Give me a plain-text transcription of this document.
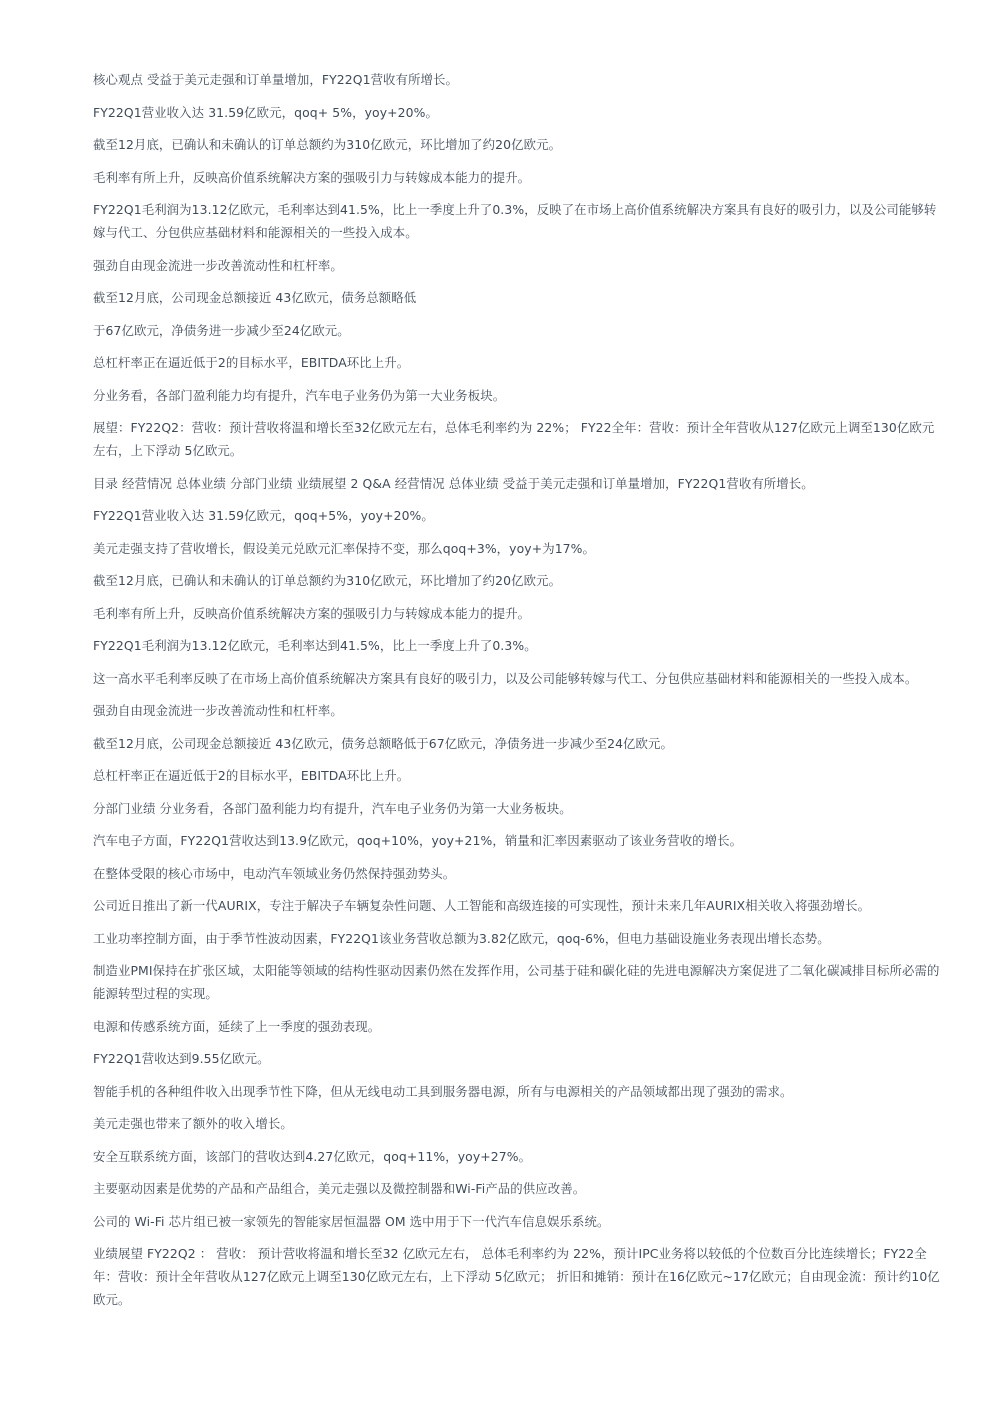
核心观点 受益于美元走强和订单量增加，FY22Q1营收有所增长。

FY22Q1营业收入达 31.59亿欧元，qoq+ 5%，yoy+20%。

截至12月底，已确认和未确认的订单总额约为310亿欧元，环比增加了约20亿欧元。

毛利率有所上升，反映高价值系统解决方案的强吸引力与转嫁成本能力的提升。

FY22Q1毛利润为13.12亿欧元，毛利率达到41.5%，比上一季度上升了0.3%，反映了在市场上高价值系统解决方案具有良好的吸引力，以及公司能够转嫁与代工、分包供应基础材料和能源相关的一些投入成本。

强劲自由现金流进一步改善流动性和杠杆率。

截至12月底，公司现金总额接近 43亿欧元，债务总额略低

于67亿欧元，净债务进一步减少至24亿欧元。

总杠杆率正在逼近低于2的目标水平，EBITDA环比上升。

分业务看，各部门盈利能力均有提升，汽车电子业务仍为第一大业务板块。

展望：FY22Q2：营收：预计营收将温和增长至32亿欧元左右，总体毛利率约为 22%； FY22全年：营收：预计全年营收从127亿欧元上调至130亿欧元左右，上下浮动 5亿欧元。

目录 经营情况 总体业绩 分部门业绩 业绩展望 2 Q&A 经营情况 总体业绩 受益于美元走强和订单量增加，FY22Q1营收有所增长。

FY22Q1营业收入达 31.59亿欧元，qoq+5%，yoy+20%。

美元走强支持了营收增长，假设美元兑欧元汇率保持不变，那么qoq+3%，yoy+为17%。

截至12月底，已确认和未确认的订单总额约为310亿欧元，环比增加了约20亿欧元。

毛利率有所上升，反映高价值系统解决方案的强吸引力与转嫁成本能力的提升。

FY22Q1毛利润为13.12亿欧元，毛利率达到41.5%，比上一季度上升了0.3%。

这一高水平毛利率反映了在市场上高价值系统解决方案具有良好的吸引力，以及公司能够转嫁与代工、分包供应基础材料和能源相关的一些投入成本。

强劲自由现金流进一步改善流动性和杠杆率。

截至12月底，公司现金总额接近 43亿欧元，债务总额略低于67亿欧元，净债务进一步减少至24亿欧元。

总杠杆率正在逼近低于2的目标水平，EBITDA环比上升。

分部门业绩 分业务看，各部门盈利能力均有提升，汽车电子业务仍为第一大业务板块。

汽车电子方面，FY22Q1营收达到13.9亿欧元，qoq+10%，yoy+21%，销量和汇率因素驱动了该业务营收的增长。

在整体受限的核心市场中，电动汽车领域业务仍然保持强劲势头。

公司近日推出了新一代AURIX，专注于解决子车辆复杂性问题、人工智能和高级连接的可实现性，预计未来几年AURIX相关收入将强劲增长。

工业功率控制方面，由于季节性波动因素，FY22Q1该业务营收总额为3.82亿欧元，qoq-6%，但电力基础设施业务表现出增长态势。

制造业PMI保持在扩张区域，太阳能等领域的结构性驱动因素仍然在发挥作用，公司基于硅和碳化硅的先进电源解决方案促进了二氧化碳减排目标所必需的能源转型过程的实现。

电源和传感系统方面，延续了上一季度的强劲表现。

FY22Q1营收达到9.55亿欧元。

智能手机的各种组件收入出现季节性下降，但从无线电动工具到服务器电源，所有与电源相关的产品领域都出现了强劲的需求。

美元走强也带来了额外的收入增长。

安全互联系统方面，该部门的营收达到4.27亿欧元，qoq+11%，yoy+27%。

主要驱动因素是优势的产品和产品组合，美元走强以及微控制器和Wi-Fi产品的供应改善。

公司的 Wi-Fi 芯片组已被一家领先的智能家居恒温器 OM 选中用于下一代汽车信息娱乐系统。

业绩展望 FY22Q2 ： 营收： 预计营收将温和增长至32 亿欧元左右， 总体毛利率约为 22%，预计IPC业务将以较低的个位数百分比连续增长；FY22全年：营收：预计全年营收从127亿欧元上调至130亿欧元左右，上下浮动 5亿欧元； 折旧和摊销：预计在16亿欧元~17亿欧元；自由现金流：预计约10亿欧元。
